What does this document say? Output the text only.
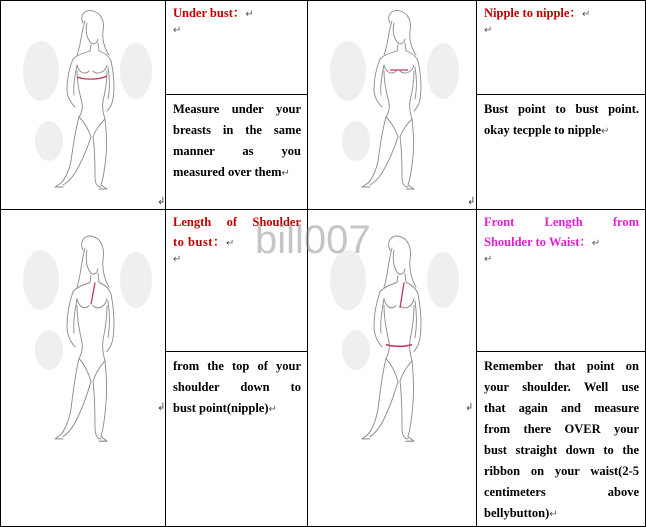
↲
Under bust：↵
↵
Measure under your
breasts in the same
manner as you
measured over them↵
↲
Nipple to nipple：↵
↵
Bust point to bust point.
okay tecpple to nipple↵
↲
Length of Shoulder
to bust：↵
↵
from the top of your
shoulder down to
bust point(nipple)↵	↲
Front Length from
Shoulder to Waist：↵
↵
Remember that point on
your shoulder. Well use
that again and measure
from there OVER your
bust straight down to the
ribbon on your waist(2-5
centimeters above
bellybutton)↵
bill007
